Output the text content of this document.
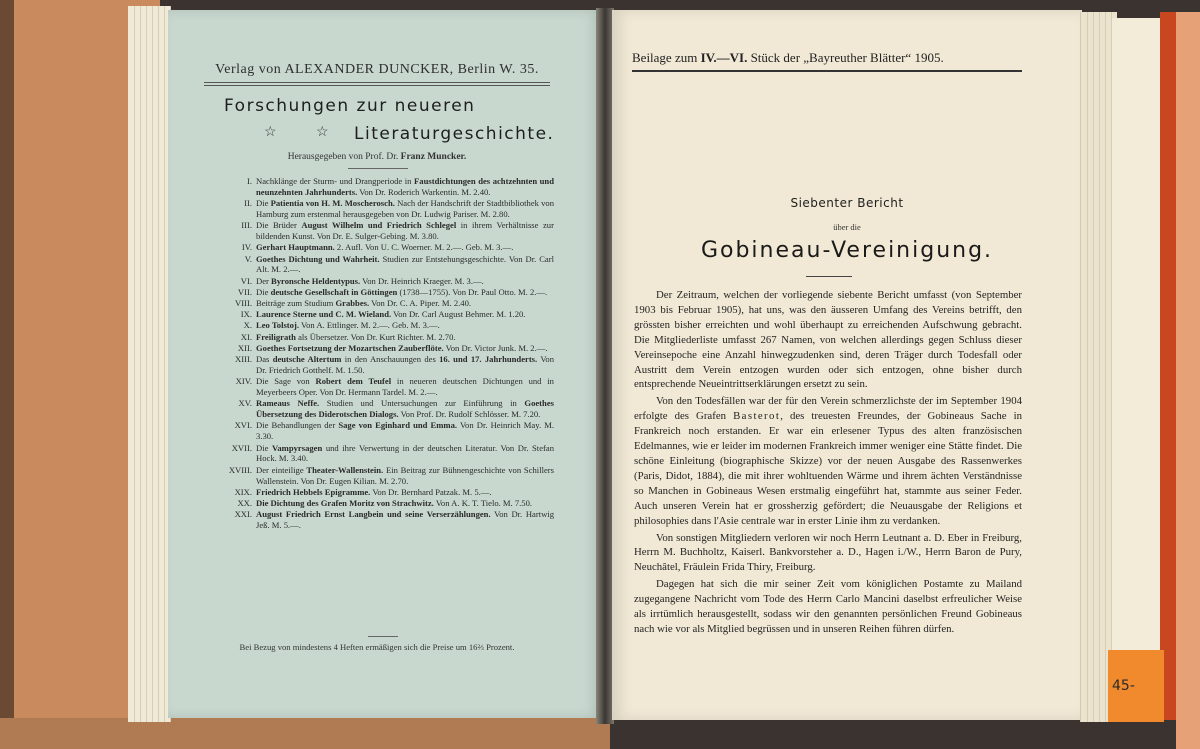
Verlag von ALEXANDER DUNCKER, Berlin W. 35.
Forschungen zur neueren
☆ ☆ Literaturgeschichte.
Herausgegeben von Prof. Dr. Franz Muncker.
I. Nachklänge der Sturm- und Drangperiode in Faustdichtungen des achtzehnten und neunzehnten Jahrhunderts. Von Dr. Roderich Warkentin. M. 2.40.
II. Die Patientia von H. M. Moscherosch. Nach der Handschrift der Stadtbibliothek von Hamburg zum erstenmal herausgegeben von Dr. Ludwig Pariser. M. 2.80.
III. Die Brüder August Wilhelm und Friedrich Schlegel in ihrem Verhältnisse zur bildenden Kunst. Von Dr. E. Sulger-Gebing. M. 3.80.
IV. Gerhart Hauptmann. 2. Aufl. Von U. C. Woerner. M. 2.—. Geb. M. 3.—.
V. Goethes Dichtung und Wahrheit. Studien zur Entstehungsgeschichte. Von Dr. Carl Alt. M. 2.—.
VI. Der Byronsche Heldentypus. Von Dr. Heinrich Kraeger. M. 3.—.
VII. Die deutsche Gesellschaft in Göttingen (1738—1755). Von Dr. Paul Otto. M. 2.—.
VIII. Beiträge zum Studium Grabbes. Von Dr. C. A. Piper. M. 2.40.
IX. Laurence Sterne und C. M. Wieland. Von Dr. Carl August Behmer. M. 1.20.
X. Leo Tolstoj. Von A. Ettlinger. M. 2.—. Geb. M. 3.—.
XI. Freiligrath als Übersetzer. Von Dr. Kurt Richter. M. 2.70.
XII. Goethes Fortsetzung der Mozartschen Zauberflöte. Von Dr. Victor Junk. M. 2.—.
XIII. Das deutsche Altertum in den Anschauungen des 16. und 17. Jahrhunderts. Von Dr. Friedrich Gotthelf. M. 1.50.
XIV. Die Sage von Robert dem Teufel in neueren deutschen Dichtungen und in Meyerbeers Oper. Von Dr. Hermann Tardel. M. 2.—.
XV. Rameaus Neffe. Studien und Untersuchungen zur Einführung in Goethes Übersetzung des Diderotschen Dialogs. Von Prof. Dr. Rudolf Schlösser. M. 7.20.
XVI. Die Behandlungen der Sage von Eginhard und Emma. Von Dr. Heinrich May. M. 3.30.
XVII. Die Vampyrsagen und ihre Verwertung in der deutschen Literatur. Von Dr. Stefan Hock. M. 3.40.
XVIII. Der einteilige Theater-Wallenstein. Ein Beitrag zur Bühnengeschichte von Schillers Wallenstein. Von Dr. Eugen Kilian. M. 2.70.
XIX. Friedrich Hebbels Epigramme. Von Dr. Bernhard Patzak. M. 5.—.
XX. Die Dichtung des Grafen Moritz von Strachwitz. Von A. K. T. Tielo. M. 7.50.
XXI. August Friedrich Ernst Langbein und seine Verserzählungen. Von Dr. Hartwig Jeß. M. 5.—.
Bei Bezug von mindestens 4 Heften ermäßigen sich die Preise um 16⅔ Prozent.
Beilage zum IV.—VI. Stück der „Bayreuther Blätter“ 1905.
Siebenter Bericht
über die
Gobineau-Vereinigung.

Der Zeitraum, welchen der vorliegende siebente Bericht umfasst (von September 1903 bis Februar 1905), hat uns, was den äusseren Umfang des Vereins betrifft, den grössten bisher erreichten und wohl überhaupt zu erreichenden Aufschwung gebracht. Die Mitgliederliste umfasst 267 Namen, von welchen allerdings gegen Schluss dieser Vereinsepoche eine Anzahl hinwegzudenken sind, deren Träger durch Todesfall oder Austritt dem Verein entzogen wurden oder sich entzogen, ohne bisher durch entsprechende Neueintrittserklärungen ersetzt zu sein.

Von den Todesfällen war der für den Verein schmerzlichste der im September 1904 erfolgte des Grafen Basterot, des treuesten Freundes, der Gobineaus Sache in Frankreich noch erstanden. Er war ein erlesener Typus des alten französischen Edelmannes, wie er leider im modernen Frankreich immer weniger eine Stätte findet. Die schöne Einleitung (biographische Skizze) vor der neuen Ausgabe des Rassenwerkes (Paris, Didot, 1884), die mit ihrer wohltuenden Wärme und ihrem ächten Verständnisse so Manchen in Gobineaus Wesen erstmalig eingeführt hat, stammte aus seiner Feder. Auch unseren Verein hat er grossherzig gefördert; die Neuausgabe der Religions et philosophies dans l'Asie centrale war in erster Linie ihm zu verdanken.

Von sonstigen Mitgliedern verloren wir noch Herrn Leutnant a. D. Eber in Freiburg, Herrn M. Buchholtz, Kaiserl. Bankvorsteher a. D., Hagen i./W., Herrn Baron de Pury, Neuchâtel, Fräulein Frida Thiry, Freiburg.

Dagegen hat sich die mir seiner Zeit vom königlichen Postamte zu Mailand zugegangene Nachricht vom Tode des Herrn Carlo Mancini daselbst erfreulicher Weise als irrtümlich herausgestellt, sodass wir den genannten persönlichen Freund Gobineaus nach wie vor als Mitglied begrüssen und in unseren Reihen führen dürfen.

45-
